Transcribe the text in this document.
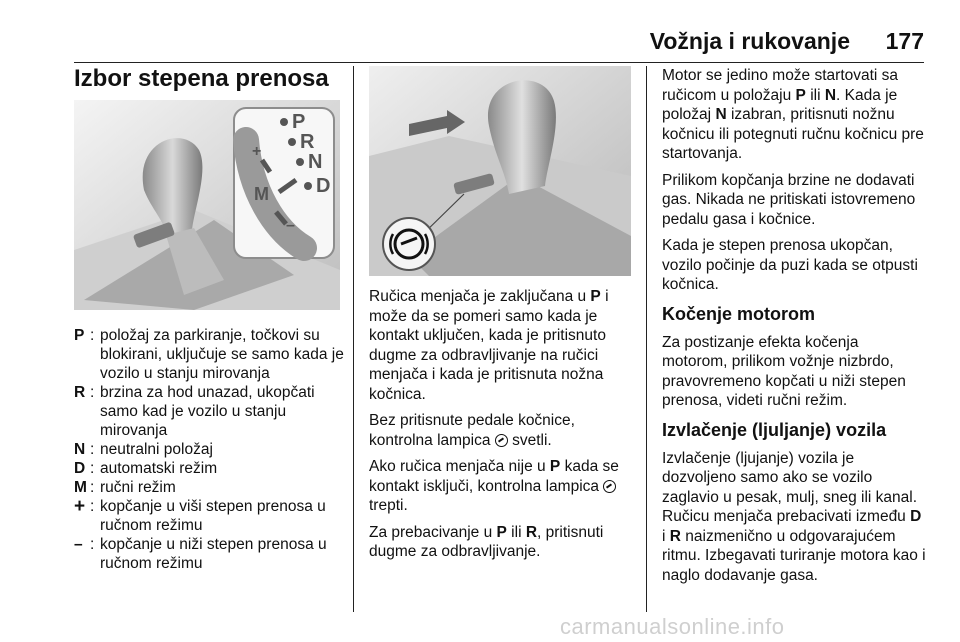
Vožnja i rukovanje 177
Izbor stepena prenosa
P
R
N
D
M
+
–
P : položaj za parkiranje, točkovi su blokirani, uključuje se samo kada je vozilo u stanju mirovanja
R : brzina za hod unazad, ukopčati samo kad je vozilo u stanju mirovanja
N : neutralni položaj
D : automatski režim
M : ručni režim
+ : kopčanje u viši stepen prenosa u ručnom režimu
– : kopčanje u niži stepen prenosa u ručnom režimu

Ručica menjača je zaključana u P i može da se pomeri samo kada je kontakt uključen, kada je pritisnuto dugme za odbravljivanje na ručici menjača i kada je pritisnuta nožna kočnica.

Bez pritisnute pedale kočnice, kontrolna lampica  svetli.

Ako ručica menjača nije u P kada se kontakt isključi, kontrolna lampica  trepti.

Za prebacivanje u P ili R, pritisnuti dugme za odbravljivanje.

Motor se jedino može startovati sa ručicom u položaju P ili N. Kada je položaj N izabran, pritisnuti nožnu kočnicu ili potegnuti ručnu kočnicu pre startovanja.

Prilikom kopčanja brzine ne dodavati gas. Nikada ne pritiskati istovremeno pedalu gasa i kočnice.

Kada je stepen prenosa ukopčan, vozilo počinje da puzi kada se otpusti kočnica.

Kočenje motorom

Za postizanje efekta kočenja motorom, prilikom vožnje nizbrdo, pravovremeno kopčati u niži stepen prenosa, videti ručni režim.

Izvlačenje (ljuljanje) vozila

Izvlačenje (ljujanje) vozila je dozvoljeno samo ako se vozilo zaglavio u pesak, mulj, sneg ili kanal. Ručicu menjača prebacivati između D i R naizmenično u odgovarajućem ritmu. Izbegavati turiranje motora kao i naglo dodavanje gasa.

carmanualsonline.info
